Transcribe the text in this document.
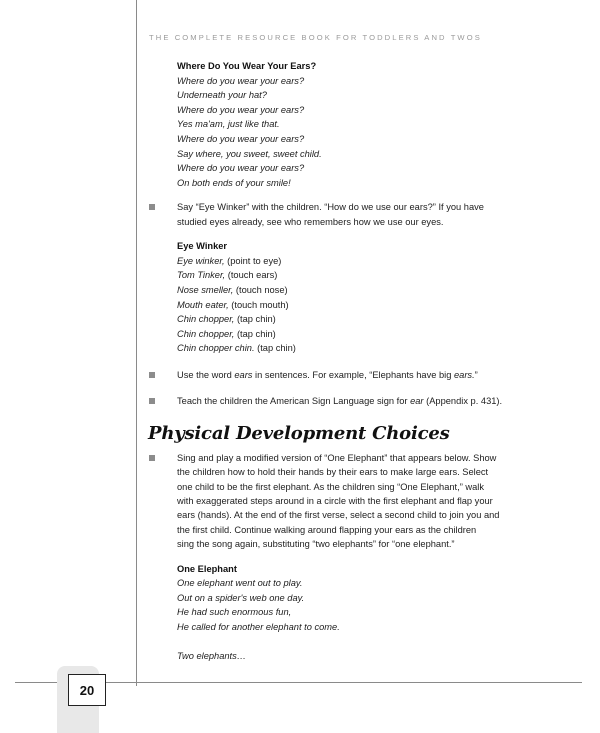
20
THE COMPLETE RESOURCE BOOK FOR TODDLERS AND TWOS
Where Do You Wear Your Ears?
Where do you wear your ears?
Underneath your hat?
Where do you wear your ears?
Yes ma'am, just like that.
Where do you wear your ears?
Say where, you sweet, sweet child.
Where do you wear your ears?
On both ends of your smile!
Say “Eye Winker” with the children. “How do we use our ears?” If you have
studied eyes already, see who remembers how we use our eyes.
Eye Winker
Eye winker, (point to eye)
Tom Tinker, (touch ears)
Nose smeller, (touch nose)
Mouth eater, (touch mouth)
Chin chopper, (tap chin)
Chin chopper, (tap chin)
Chin chopper chin. (tap chin)
Use the word ears in sentences. For example, “Elephants have big ears.”
Teach the children the American Sign Language sign for ear (Appendix p. 431).
Physical Development Choices
Sing and play a modified version of “One Elephant” that appears below. Show
the children how to hold their hands by their ears to make large ears. Select
one child to be the first elephant. As the children sing “One Elephant,” walk
with exaggerated steps around in a circle with the first elephant and flap your
ears (hands). At the end of the first verse, select a second child to join you and
the first child. Continue walking around flapping your ears as the children
sing the song again, substituting “two elephants” for “one elephant.”
One Elephant
One elephant went out to play.
Out on a spider's web one day.
He had such enormous fun,
He called for another elephant to come.
Two elephants…
